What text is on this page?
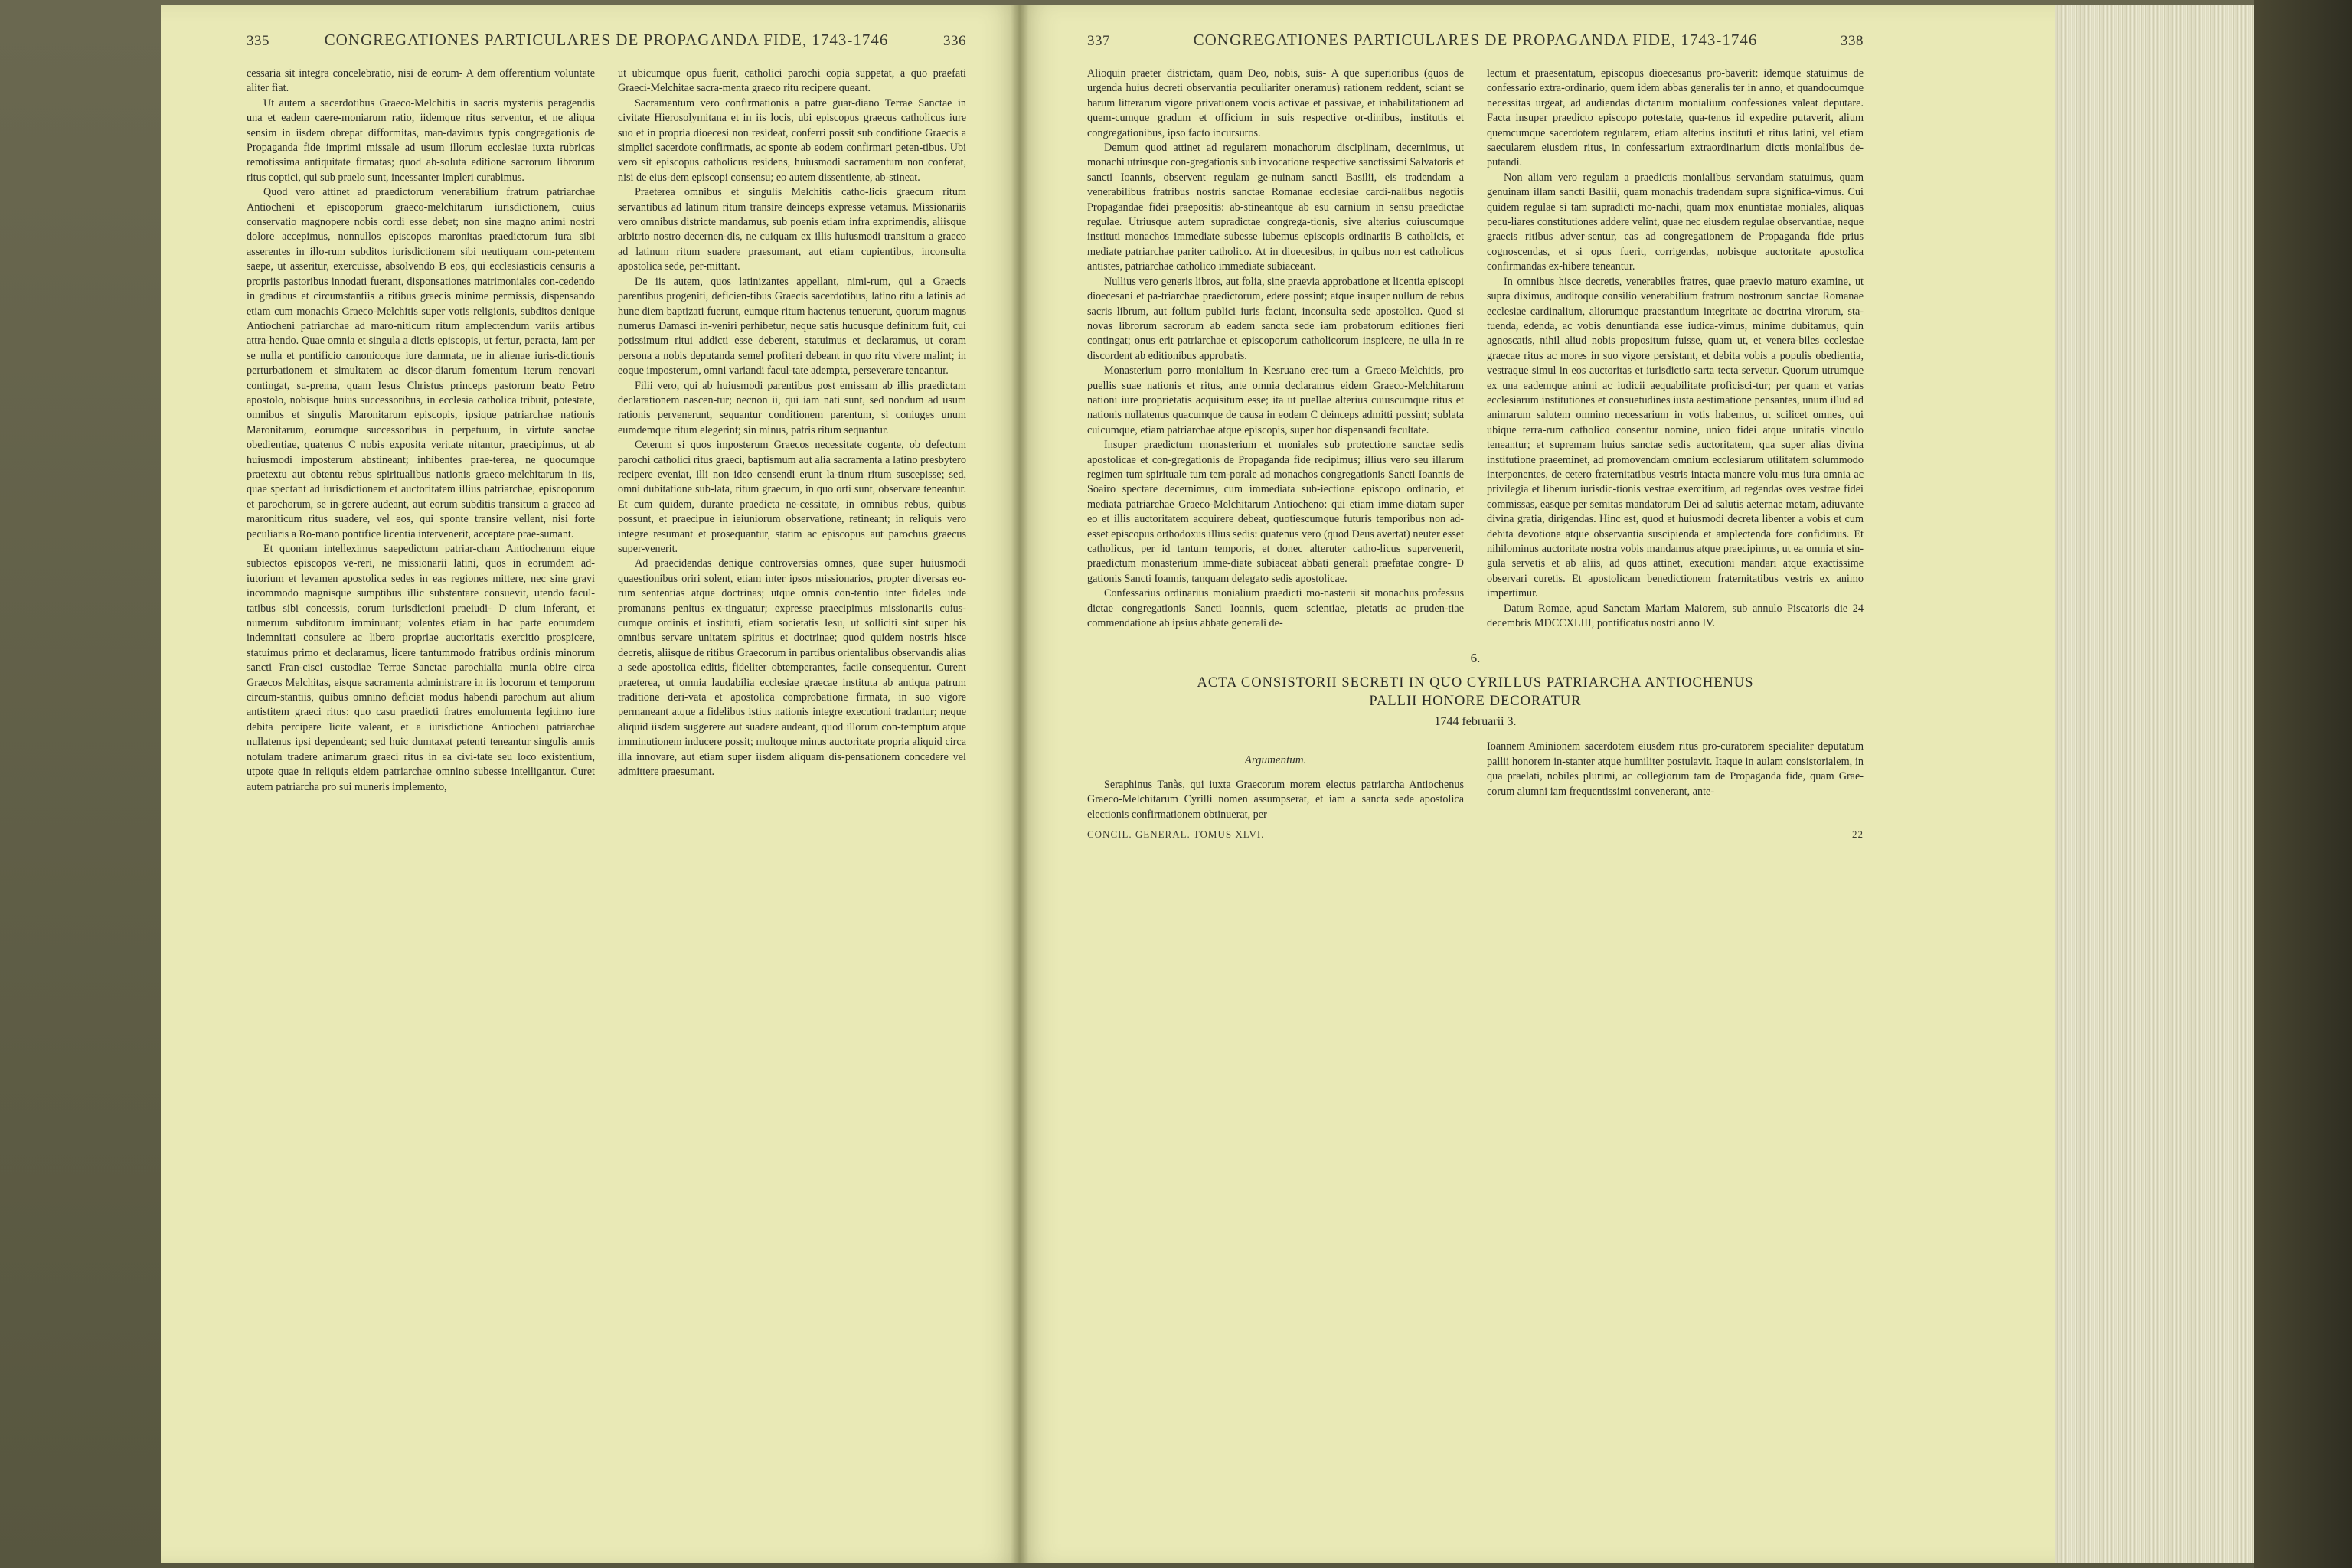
335	CONGREGATIONES PARTICULARES DE PROPAGANDA FIDE, 1743-1746	336

cessaria sit integra concelebratio, nisi de eorum- A dem offerentium voluntate aliter fiat.

Ut autem a sacerdotibus Graeco-Melchitis in sacris mysteriis peragendis una et eadem caere-moniarum ratio, iidemque ritus serventur, et ne aliqua sensim in iisdem obrepat difformitas, man-davimus typis congregationis de Propaganda fide imprimi missale ad usum illorum ecclesiae iuxta rubricas remotissima antiquitate firmatas; quod ab-soluta editione sacrorum librorum ritus coptici, qui sub praelo sunt, incessanter impleri curabimus.

Quod vero attinet ad praedictorum venerabilium fratrum patriarchae Antiocheni et episcoporum graeco-melchitarum iurisdictionem, cuius conservatio magnopere nobis cordi esse debet; non sine magno animi nostri dolore accepimus, nonnullos episcopos maronitas praedictorum iura sibi asserentes in illo-rum subditos iurisdictionem sibi neutiquam com-petentem saepe, ut asseritur, exercuisse, absolvendo B eos, qui ecclesiasticis censuris a propriis pastoribus innodati fuerant, disponsationes matrimoniales con-cedendo in gradibus et circumstantiis a ritibus graecis minime permissis, dispensando etiam cum monachis Graeco-Melchitis super votis religionis, subditos denique Antiocheni patriarchae ad maro-niticum ritum amplectendum variis artibus attra-hendo. Quae omnia et singula a dictis episcopis, ut fertur, peracta, iam per se nulla et pontificio canonicoque iure damnata, ne in alienae iuris-dictionis perturbationem et simultatem ac discor-diarum fomentum iterum renovari contingat, su-prema, quam Iesus Christus princeps pastorum beato Petro apostolo, nobisque huius successoribus, in ecclesia catholica tribuit, potestate, omnibus et singulis Maronitarum episcopis, ipsique patriarchae nationis Maronitarum, eorumque successoribus in perpetuum, in virtute sanctae obedientiae, quatenus C nobis exposita veritate nitantur, praecipimus, ut ab huiusmodi imposterum abstineant; inhibentes prae-terea, ne quocumque praetextu aut obtentu rebus spiritualibus nationis graeco-melchitarum in iis, quae spectant ad iurisdictionem et auctoritatem illius patriarchae, episcoporum et parochorum, se in-gerere audeant, aut eorum subditis transitum a graeco ad maroniticum ritus suadere, vel eos, qui sponte transire vellent, nisi forte peculiaris a Ro-mano pontifice licentia intervenerit, acceptare prae-sumant.

Et quoniam intelleximus saepedictum patriar-cham Antiochenum eique subiectos episcopos ve-reri, ne missionarii latini, quos in eorumdem ad-iutorium et levamen apostolica sedes in eas regiones mittere, nec sine gravi incommodo magnisque sumptibus illic substentare consuevit, utendo facul-tatibus sibi concessis, eorum iurisdictioni praeiudi- D cium inferant, et numerum subditorum imminuant; volentes etiam in hac parte eorumdem indemnitati consulere ac libero propriae auctoritatis exercitio prospicere, statuimus primo et declaramus, licere tantummodo fratribus ordinis minorum sancti Fran-cisci custodiae Terrae Sanctae parochialia munia obire circa Graecos Melchitas, eisque sacramenta administrare in iis locorum et temporum circum-stantiis, quibus omnino deficiat modus habendi parochum aut alium antistitem graeci ritus: quo casu praedicti fratres emolumenta legitimo iure debita percipere licite valeant, et a iurisdictione Antiocheni patriarchae nullatenus ipsi dependeant; sed huic dumtaxat petenti teneantur singulis annis notulam tradere animarum graeci ritus in ea civi-tate seu loco existentium, utpote quae in reliquis eidem patriarchae omnino subesse intelligantur. Curet autem patriarcha pro sui muneris implemento,

ut ubicumque opus fuerit, catholici parochi copia suppetat, a quo praefati Graeci-Melchitae sacra-menta graeco ritu recipere queant.

Sacramentum vero confirmationis a patre guar-diano Terrae Sanctae in civitate Hierosolymitana et in iis locis, ubi episcopus graecus catholicus iure suo et in propria dioecesi non resideat, conferri possit sub conditione Graecis a simplici sacerdote confirmatis, ac sponte ab eodem confirmari peten-tibus. Ubi vero sit episcopus catholicus residens, huiusmodi sacramentum non conferat, nisi de eius-dem episcopi consensu; eo autem dissentiente, ab-stineat.

Praeterea omnibus et singulis Melchitis catho-licis graecum ritum servantibus ad latinum ritum transire deinceps expresse vetamus. Missionariis vero omnibus districte mandamus, sub poenis etiam infra exprimendis, aliisque arbitrio nostro decernen-dis, ne cuiquam ex illis huiusmodi transitum a graeco ad latinum ritum suadere praesumant, aut etiam cupientibus, inconsulta apostolica sede, per-mittant.

De iis autem, quos latinizantes appellant, nimi-rum, qui a Graecis parentibus progeniti, deficien-tibus Graecis sacerdotibus, latino ritu a latinis ad hunc diem baptizati fuerunt, eumque ritum hactenus tenuerunt, quorum magnus numerus Damasci in-veniri perhibetur, neque satis hucusque definitum fuit, cui potissimum ritui addicti esse deberent, statuimus et declaramus, ut coram persona a nobis deputanda semel profiteri debeant in quo ritu vivere malint; in eoque imposterum, omni variandi facul-tate adempta, perseverare teneantur.

Filii vero, qui ab huiusmodi parentibus post emissam ab illis praedictam declarationem nascen-tur; necnon ii, qui iam nati sunt, sed nondum ad usum rationis pervenerunt, sequantur conditionem parentum, si coniuges unum eumdemque ritum elegerint; sin minus, patris ritum sequantur.

Ceterum si quos imposterum Graecos necessitate cogente, ob defectum parochi catholici ritus graeci, baptismum aut alia sacramenta a latino presbytero recipere eveniat, illi non ideo censendi erunt la-tinum ritum suscepisse; sed, omni dubitatione sub-lata, ritum graecum, in quo orti sunt, observare teneantur. Et cum quidem, durante praedicta ne-cessitate, in omnibus rebus, quibus possunt, et praecipue in ieiuniorum observatione, retineant; in reliquis vero integre resumant et prosequantur, statim ac episcopus aut parochus graecus super-venerit.

Ad praecidendas denique controversias omnes, quae super huiusmodi quaestionibus oriri solent, etiam inter ipsos missionarios, propter diversas eo-rum sententias atque doctrinas; utque omnis con-tentio inter fideles inde promanans penitus ex-tinguatur; expresse praecipimus missionariis cuius-cumque ordinis et instituti, etiam societatis Iesu, ut solliciti sint super his omnibus servare unitatem spiritus et doctrinae; quod quidem nostris hisce decretis, aliisque de ritibus Graecorum in partibus orientalibus observandis alias a sede apostolica editis, fideliter obtemperantes, facile consequentur. Curent praeterea, ut omnia laudabilia ecclesiae graecae instituta ab antiqua patrum traditione deri-vata et apostolica comprobatione firmata, in suo vigore permaneant atque a fidelibus istius nationis integre executioni tradantur; neque aliquid iisdem suggerere aut suadere audeant, quod illorum con-temptum atque imminutionem inducere possit; multoque minus auctoritate propria aliquid circa illa innovare, aut etiam super iisdem aliquam dis-pensationem concedere vel admittere praesumant.

337	CONGREGATIONES PARTICULARES DE PROPAGANDA FIDE, 1743-1746	338

Alioquin praeter districtam, quam Deo, nobis, suis- A que superioribus (quos de urgenda huius decreti observantia peculiariter oneramus) rationem reddent, sciant se harum litterarum vigore privationem vocis activae et passivae, et inhabilitationem ad quem-cumque gradum et officium in suis respective or-dinibus, institutis et congregationibus, ipso facto incursuros.

Demum quod attinet ad regularem monachorum disciplinam, decernimus, ut monachi utriusque con-gregationis sub invocatione respective sanctissimi Salvatoris et sancti Ioannis, observent regulam ge-nuinam sancti Basilii, eis tradendam a venerabilibus fratribus nostris sanctae Romanae ecclesiae cardi-nalibus negotiis Propagandae fidei praepositis: ab-stineantque ab esu carnium in sensu praedictae regulae. Utriusque autem supradictae congrega-tionis, sive alterius cuiuscumque instituti monachos immediate subesse iubemus episcopis ordinariis B catholicis, et mediate patriarchae pariter catholico. At in dioecesibus, in quibus non est catholicus antistes, patriarchae catholico immediate subiaceant.

Nullius vero generis libros, aut folia, sine praevia approbatione et licentia episcopi dioecesani et pa-triarchae praedictorum, edere possint; atque insuper nullum de rebus sacris librum, aut folium publici iuris faciant, inconsulta sede apostolica. Quod si novas librorum sacrorum ab eadem sancta sede iam probatorum editiones fieri contingat; onus erit patriarchae et episcoporum catholicorum inspicere, ne ulla in re discordent ab editionibus approbatis.

Monasterium porro monialium in Kesruano erec-tum a Graeco-Melchitis, pro puellis suae nationis et ritus, ante omnia declaramus eidem Graeco-Melchitarum nationi iure proprietatis acquisitum esse; ita ut puellae alterius cuiuscumque ritus et nationis nullatenus quacumque de causa in eodem C deinceps admitti possint; sublata cuicumque, etiam patriarchae atque episcopis, super hoc dispensandi facultate.

Insuper praedictum monasterium et moniales sub protectione sanctae sedis apostolicae et con-gregationis de Propaganda fide recipimus; illius vero seu illarum regimen tum spirituale tum tem-porale ad monachos congregationis Sancti Ioannis de Soairo spectare decernimus, cum immediata sub-iectione episcopo ordinario, et mediata patriarchae Graeco-Melchitarum Antiocheno: qui etiam imme-diatam super eo et illis auctoritatem acquirere debeat, quotiescumque futuris temporibus non ad-esset episcopus orthodoxus illius sedis: quatenus vero (quod Deus avertat) neuter esset catholicus, per id tantum temporis, et donec alteruter catho-licus supervenerit, praedictum monasterium imme-diate subiaceat abbati generali praefatae congre- D gationis Sancti Ioannis, tanquam delegato sedis apostolicae.

Confessarius ordinarius monialium praedicti mo-nasterii sit monachus professus dictae congregationis Sancti Ioannis, quem scientiae, pietatis ac pruden-tiae commendatione ab ipsius abbate generali de-

lectum et praesentatum, episcopus dioecesanus pro-baverit: idemque statuimus de confessario extra-ordinario, quem idem abbas generalis ter in anno, et quandocumque necessitas urgeat, ad audiendas dictarum monialium confessiones valeat deputare. Facta insuper praedicto episcopo potestate, qua-tenus id expedire putaverit, alium quemcumque sacerdotem regularem, etiam alterius instituti et ritus latini, vel etiam saecularem eiusdem ritus, in confessarium extraordinarium dictis monialibus de-putandi.

Non aliam vero regulam a praedictis monialibus servandam statuimus, quam genuinam illam sancti Basilii, quam monachis tradendam supra significa-vimus. Cui quidem regulae si tam supradicti mo-nachi, quam mox enuntiatae moniales, aliquas pecu-liares constitutiones addere velint, quae nec eiusdem regulae observantiae, neque graecis ritibus adver-sentur, eas ad congregationem de Propaganda fide prius cognoscendas, et si opus fuerit, corrigendas, nobisque auctoritate apostolica confirmandas ex-hibere teneantur.

In omnibus hisce decretis, venerabiles fratres, quae praevio maturo examine, ut supra diximus, auditoque consilio venerabilium fratrum nostrorum sanctae Romanae ecclesiae cardinalium, aliorumque praestantium integritate ac doctrina virorum, sta-tuenda, edenda, ac vobis denuntianda esse iudica-vimus, minime dubitamus, quin agnoscatis, nihil aliud nobis propositum fuisse, quam ut, et venera-biles ecclesiae graecae ritus ac mores in suo vigore persistant, et debita vobis a populis obedientia, vestraque simul in eos auctoritas et iurisdictio sarta tecta servetur. Quorum utrumque ex una eademque animi ac iudicii aequabilitate proficisci-tur; per quam et varias ecclesiarum institutiones et consuetudines iusta aestimatione pensantes, unum illud ad animarum salutem omnino necessarium in votis habemus, ut scilicet omnes, qui ubique terra-rum catholico consentur nomine, unico fidei atque unitatis vinculo teneantur; et supremam huius sanctae sedis auctoritatem, qua super alias divina institutione praeeminet, ad promovendam omnium ecclesiarum utilitatem solummodo interponentes, de cetero fraternitatibus vestris intacta manere volu-mus iura omnia ac privilegia et liberum iurisdic-tionis vestrae exercitium, ad regendas oves vestrae fidei commissas, easque per semitas mandatorum Dei ad salutis aeternae metam, adiuvante divina gratia, dirigendas. Hinc est, quod et huiusmodi decreta libenter a vobis et cum debita devotione atque observantia suscipienda et amplectenda fore confidimus. Et nihilominus auctoritate nostra vobis mandamus atque praecipimus, ut ea omnia et sin-gula servetis et ab aliis, ad quos attinet, executioni mandari atque exactissime observari curetis. Et apostolicam benedictionem fraternitatibus vestris ex animo impertimur.

Datum Romae, apud Sanctam Mariam Maiorem, sub annulo Piscatoris die 24 decembris MDCCXLIII, pontificatus nostri anno IV.

6.
ACTA CONSISTORII SECRETI IN QUO CYRILLUS PATRIARCHA ANTIOCHENUS
PALLII HONORE DECORATUR
1744 februarii 3.
Argumentum.

Seraphinus Tanàs, qui iuxta Graecorum morem electus patriarcha Antiochenus Graeco-Melchitarum Cyrilli nomen assumpserat, et iam a sancta sede apostolica electionis confirmationem obtinuerat, per

Ioannem Aminionem sacerdotem eiusdem ritus pro-curatorem specialiter deputatum pallii honorem in-stanter atque humiliter postulavit. Itaque in aulam consistorialem, in qua praelati, nobiles plurimi, ac collegiorum tam de Propaganda fide, quam Grae-corum alumni iam frequentissimi convenerant, ante-

CONCIL. GENERAL. TOMUS XLVI.	22
